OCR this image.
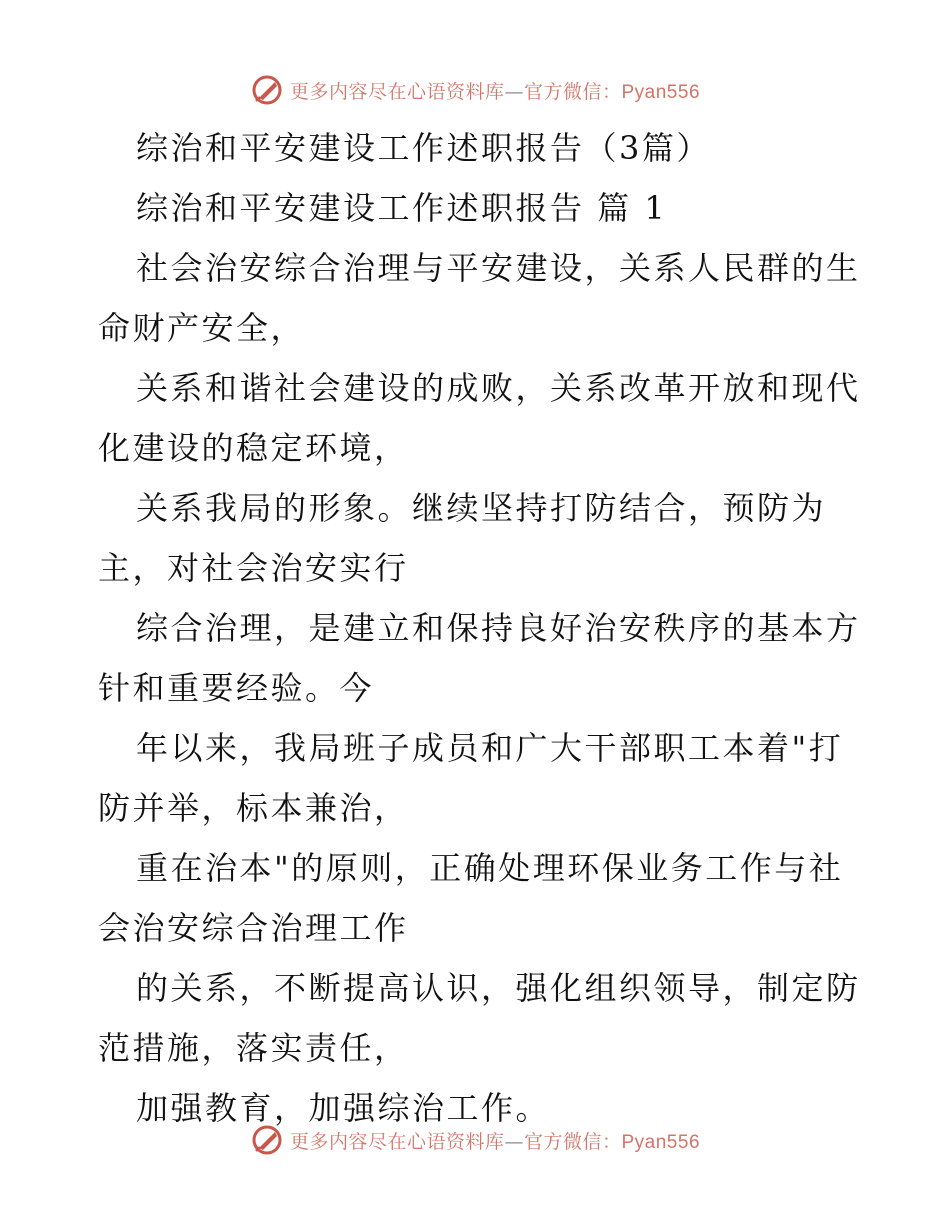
更多内容尽在心语资料库—官方微信：Pyan556
综治和平安建设工作述职报告（3篇）
综治和平安建设工作述职报告 篇 1
社会治安综合治理与平安建设，关系人民群的生
命财产安全，
关系和谐社会建设的成败，关系改革开放和现代
化建设的稳定环境，
关系我局的形象。继续坚持打防结合，预防为
主，对社会治安实行
综合治理，是建立和保持良好治安秩序的基本方
针和重要经验。今
年以来，我局班子成员和广大干部职工本着"打
防并举，标本兼治，
重在治本"的原则，正确处理环保业务工作与社
会治安综合治理工作
的关系，不断提高认识，强化组织领导，制定防
范措施，落实责任，
加强教育，加强综治工作。
更多内容尽在心语资料库—官方微信：Pyan556
